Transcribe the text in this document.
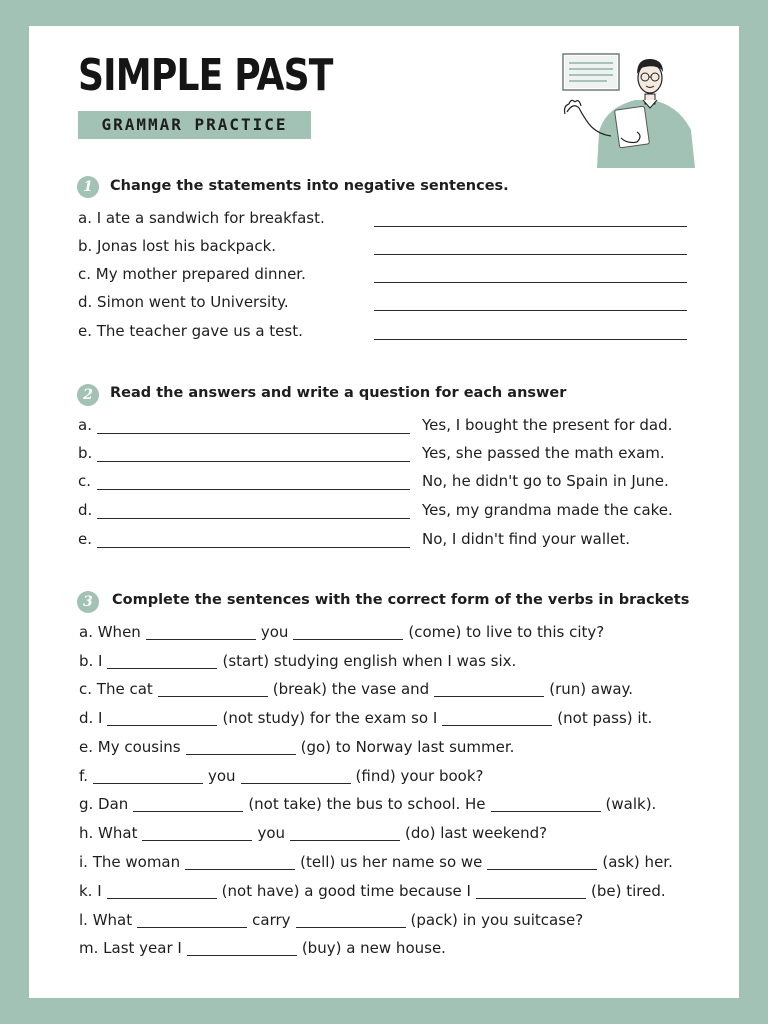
SIMPLE PAST
GRAMMAR PRACTICE
1	Change the statements into negative sentences.
a. I ate a sandwich for breakfast.
b. Jonas lost his backpack.
c. My mother prepared dinner.
d. Simon went to University.
e. The teacher gave us a test.
2	Read the answers and write a question for each answer
a.	Yes, I bought the present for dad.
b.	Yes, she passed the math exam.
c.	No, he didn't go to Spain in June.
d.	Yes, my grandma made the cake.
e.	No, I didn't find your wallet.
3	Complete the sentences with the correct form of the verbs in brackets
a. When	you	(come) to live to this city?
b. I	(start) studying english when I was six.
c. The cat	(break) the vase and	(run) away.
d. I	(not study) for the exam so I	(not pass) it.
e. My cousins	(go) to Norway last summer.
f.	you	(find) your book?
g. Dan	(not take) the bus to school. He	(walk).
h. What	you	(do) last weekend?
i. The woman	(tell) us her name so we	(ask) her.
k. I	(not have) a good time because I	(be) tired.
l. What	carry	(pack) in you suitcase?
m. Last year I	(buy) a new house.
